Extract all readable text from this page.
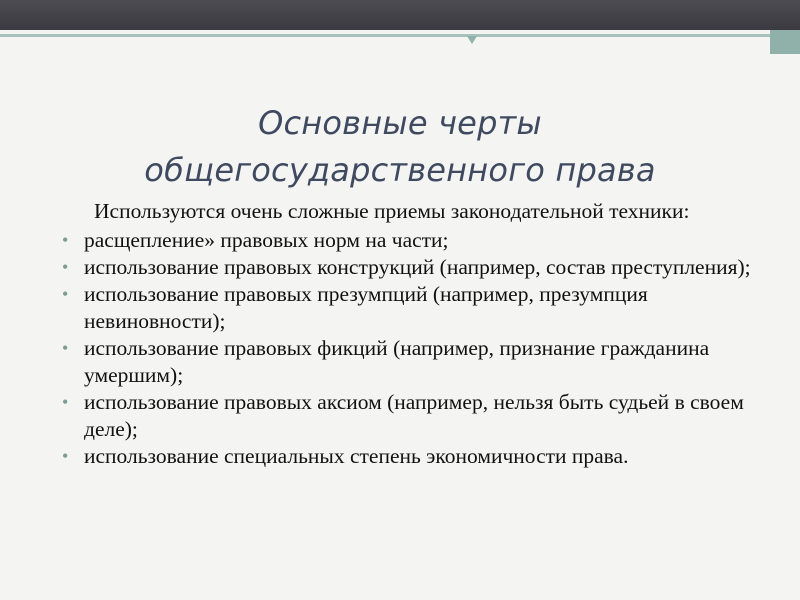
Основные черты
общегосударственного права

Используются очень сложные приемы законодательной техники:

• расщепление» правовых норм на части;
• использование правовых конструкций (например, состав преступления);
• использование правовых презумпций (например, презумпция невиновности);
• использование правовых фикций (например, признание гражданина умершим);
• использование правовых аксиом (например, нельзя быть судьей в своем деле);
• использование специальных степень экономичности права.
